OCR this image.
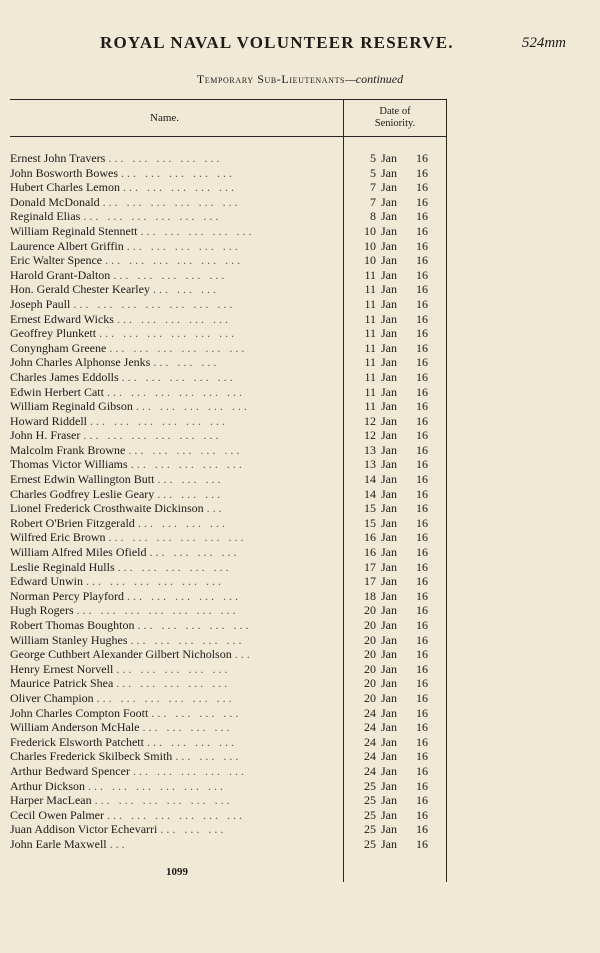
ROYAL NAVAL VOLUNTEER RESERVE.	524mm
Temporary Sub-Lieutenants—continued
Name.
Date of
Seniority.
Ernest John Travers ... ... ... ... ...	5 Jan	16
John Bosworth Bowes ... ... ... ... ...	5 Jan	16
Hubert Charles Lemon ... ... ... ... ...	7 Jan	16
Donald McDonald ... ... ... ... ... ...	7 Jan	16
Reginald Elias ... ... ... ... ... ...	8 Jan	16
William Reginald Stennett ... ... ... ... ...	10 Jan	16
Laurence Albert Griffin ... ... ... ... ...	10 Jan	16
Eric Walter Spence ... ... ... ... ... ...	10 Jan	16
Harold Grant-Dalton ... ... ... ... ...	11 Jan	16
Hon. Gerald Chester Kearley ... ... ...	11 Jan	16
Joseph Paull ... ... ... ... ... ... ...	11 Jan	16
Ernest Edward Wicks ... ... ... ... ...	11 Jan	16
Geoffrey Plunkett ... ... ... ... ... ...	11 Jan	16
Conyngham Greene ... ... ... ... ... ...	11 Jan	16
John Charles Alphonse Jenks ... ... ...	11 Jan	16
Charles James Eddolls ... ... ... ... ...	11 Jan	16
Edwin Herbert Catt ... ... ... ... ... ...	11 Jan	16
William Reginald Gibson ... ... ... ... ...	11 Jan	16
Howard Riddell ... ... ... ... ... ...	12 Jan	16
John H. Fraser ... ... ... ... ... ...	12 Jan	16
Malcolm Frank Browne ... ... ... ... ...	13 Jan	16
Thomas Victor Williams ... ... ... ... ...	13 Jan	16
Ernest Edwin Wallington Butt ... ... ...	14 Jan	16
Charles Godfrey Leslie Geary ... ... ...	14 Jan	16
Lionel Frederick Crosthwaite Dickinson ...	15 Jan	16
Robert O'Brien Fitzgerald ... ... ... ...	15 Jan	16
Wilfred Eric Brown ... ... ... ... ... ...	16 Jan	16
William Alfred Miles Ofield ... ... ... ...	16 Jan	16
Leslie Reginald Hulls ... ... ... ... ...	17 Jan	16
Edward Unwin ... ... ... ... ... ...	17 Jan	16
Norman Percy Playford ... ... ... ... ...	18 Jan	16
Hugh Rogers ... ... ... ... ... ... ...	20 Jan	16
Robert Thomas Boughton ... ... ... ... ...	20 Jan	16
William Stanley Hughes ... ... ... ... ...	20 Jan	16
George Cuthbert Alexander Gilbert Nicholson ...	20 Jan	16
Henry Ernest Norvell ... ... ... ... ...	20 Jan	16
Maurice Patrick Shea ... ... ... ... ...	20 Jan	16
Oliver Champion ... ... ... ... ... ...	20 Jan	16
John Charles Compton Foott ... ... ... ...	24 Jan	16
William Anderson McHale ... ... ... ...	24 Jan	16
Frederick Elsworth Patchett ... ... ... ...	24 Jan	16
Charles Frederick Skilbeck Smith ... ... ...	24 Jan	16
Arthur Bedward Spencer ... ... ... ... ...	24 Jan	16
Arthur Dickson ... ... ... ... ... ...	25 Jan	16
Harper MacLean ... ... ... ... ... ...	25 Jan	16
Cecil Owen Palmer ... ... ... ... ... ...	25 Jan	16
Juan Addison Victor Echevarri ... ... ...	25 Jan	16
John Earle Maxwell ...	25 Jan	16
1099
